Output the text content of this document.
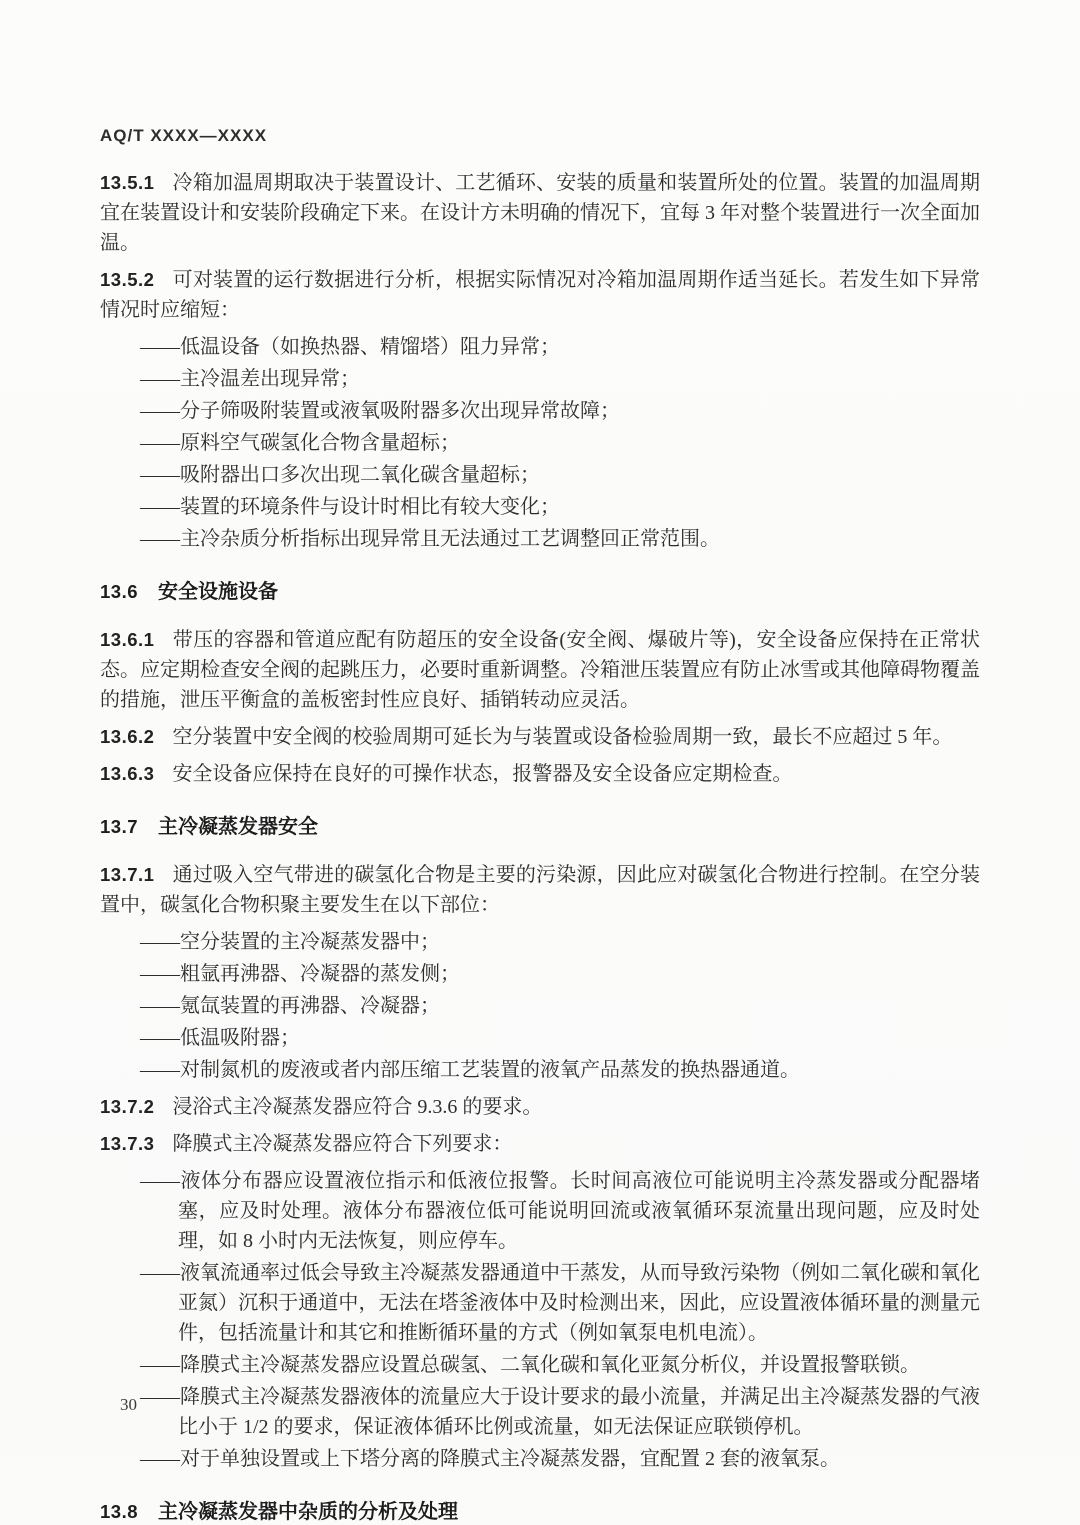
AQ/T XXXX—XXXX
13.5.1 冷箱加温周期取决于装置设计、工艺循环、安装的质量和装置所处的位置。装置的加温周期宜在装置设计和安装阶段确定下来。在设计方未明确的情况下，宜每 3 年对整个装置进行一次全面加温。
13.5.2 可对装置的运行数据进行分析，根据实际情况对冷箱加温周期作适当延长。若发生如下异常情况时应缩短：
——低温设备（如换热器、精馏塔）阻力异常；
——主冷温差出现异常；
——分子筛吸附装置或液氧吸附器多次出现异常故障；
——原料空气碳氢化合物含量超标；
——吸附器出口多次出现二氧化碳含量超标；
——装置的环境条件与设计时相比有较大变化；
——主冷杂质分析指标出现异常且无法通过工艺调整回正常范围。
13.6 安全设施设备
13.6.1 带压的容器和管道应配有防超压的安全设备(安全阀、爆破片等)，安全设备应保持在正常状态。应定期检查安全阀的起跳压力，必要时重新调整。冷箱泄压装置应有防止冰雪或其他障碍物覆盖的措施，泄压平衡盒的盖板密封性应良好、插销转动应灵活。
13.6.2 空分装置中安全阀的校验周期可延长为与装置或设备检验周期一致，最长不应超过 5 年。
13.6.3 安全设备应保持在良好的可操作状态，报警器及安全设备应定期检查。
13.7 主冷凝蒸发器安全
13.7.1 通过吸入空气带进的碳氢化合物是主要的污染源，因此应对碳氢化合物进行控制。在空分装置中，碳氢化合物积聚主要发生在以下部位：
——空分装置的主冷凝蒸发器中；
——粗氩再沸器、冷凝器的蒸发侧；
——氪氙装置的再沸器、冷凝器；
——低温吸附器；
——对制氮机的废液或者内部压缩工艺装置的液氧产品蒸发的换热器通道。
13.7.2 浸浴式主冷凝蒸发器应符合 9.3.6 的要求。
13.7.3 降膜式主冷凝蒸发器应符合下列要求：
——液体分布器应设置液位指示和低液位报警。长时间高液位可能说明主冷蒸发器或分配器堵塞，应及时处理。液体分布器液位低可能说明回流或液氧循环泵流量出现问题，应及时处理，如 8 小时内无法恢复，则应停车。
——液氧流通率过低会导致主冷凝蒸发器通道中干蒸发，从而导致污染物（例如二氧化碳和氧化亚氮）沉积于通道中，无法在塔釜液体中及时检测出来，因此，应设置液体循环量的测量元件，包括流量计和其它和推断循环量的方式（例如氧泵电机电流）。
——降膜式主冷凝蒸发器应设置总碳氢、二氧化碳和氧化亚氮分析仪，并设置报警联锁。
——降膜式主冷凝蒸发器液体的流量应大于设计要求的最小流量，并满足出主冷凝蒸发器的气液比小于 1/2 的要求，保证液体循环比例或流量，如无法保证应联锁停机。
——对于单独设置或上下塔分离的降膜式主冷凝蒸发器，宜配置 2 套的液氧泵。
13.8 主冷凝蒸发器中杂质的分析及处理
30
